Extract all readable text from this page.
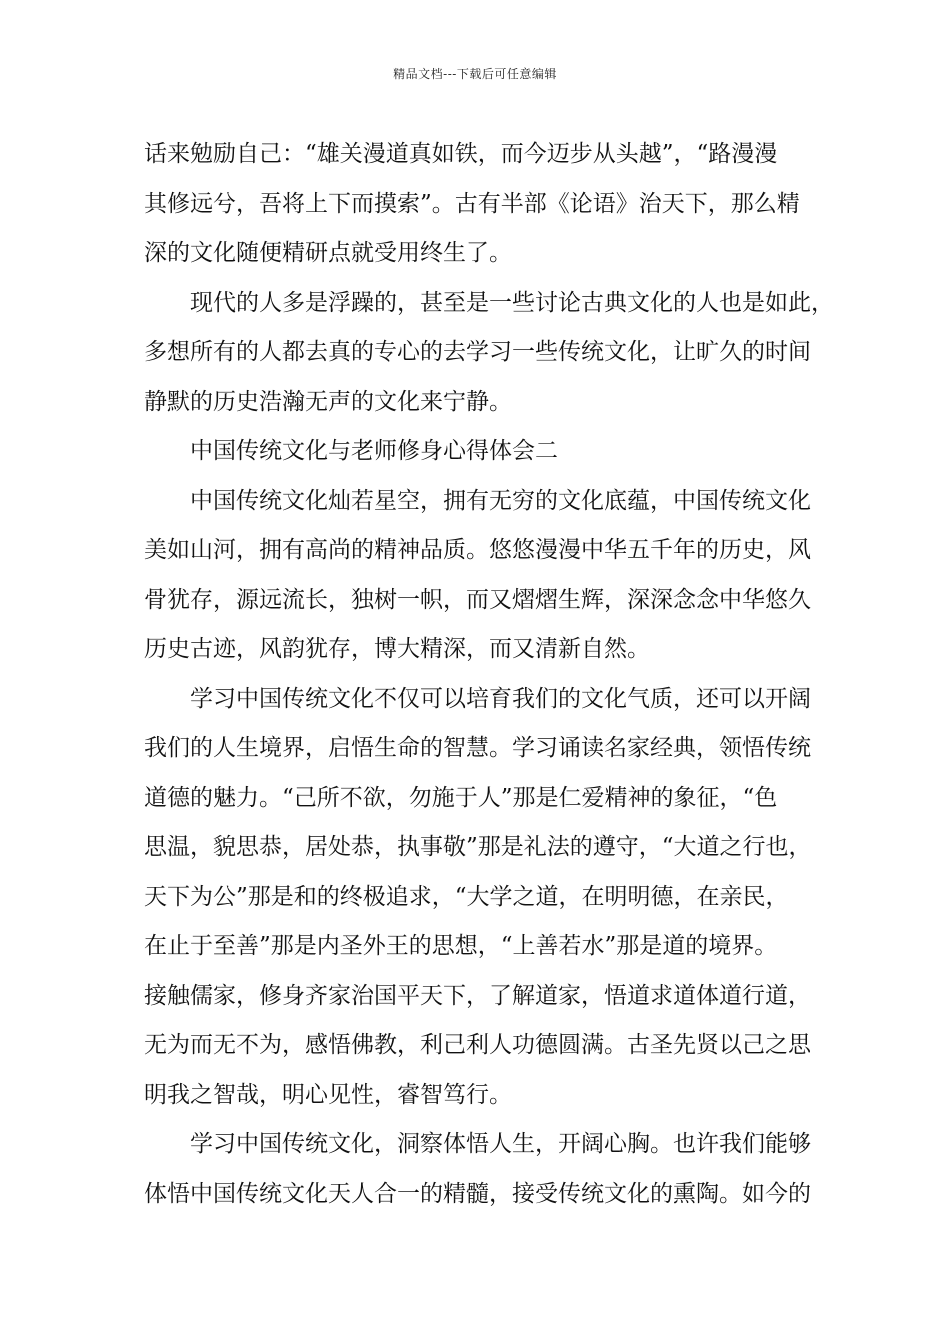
精品文档---下载后可任意编辑
话来勉励自己：“雄关漫道真如铁，而今迈步从头越”，“路漫漫
其修远兮，吾将上下而摸索”。古有半部《论语》治天下，那么精
深的文化随便精研点就受用终生了。
现代的人多是浮躁的，甚至是一些讨论古典文化的人也是如此，
多想所有的人都去真的专心的去学习一些传统文化，让旷久的时间
静默的历史浩瀚无声的文化来宁静。
中国传统文化与老师修身心得体会二
中国传统文化灿若星空，拥有无穷的文化底蕴，中国传统文化
美如山河，拥有高尚的精神品质。悠悠漫漫中华五千年的历史，风
骨犹存，源远流长，独树一帜，而又熠熠生辉，深深念念中华悠久
历史古迹，风韵犹存，博大精深，而又清新自然。
学习中国传统文化不仅可以培育我们的文化气质，还可以开阔
我们的人生境界，启悟生命的智慧。学习诵读名家经典，领悟传统
道德的魅力。“己所不欲，勿施于人”那是仁爱精神的象征，“色
思温，貌思恭，居处恭，执事敬”那是礼法的遵守，“大道之行也，
天下为公”那是和的终极追求，“大学之道，在明明德，在亲民，
在止于至善”那是内圣外王的思想，“上善若水”那是道的境界。
接触儒家，修身齐家治国平天下，了解道家，悟道求道体道行道，
无为而无不为，感悟佛教，利己利人功德圆满。古圣先贤以己之思
明我之智哉，明心见性，睿智笃行。
学习中国传统文化，洞察体悟人生，开阔心胸。也许我们能够
体悟中国传统文化天人合一的精髓，接受传统文化的熏陶。如今的
